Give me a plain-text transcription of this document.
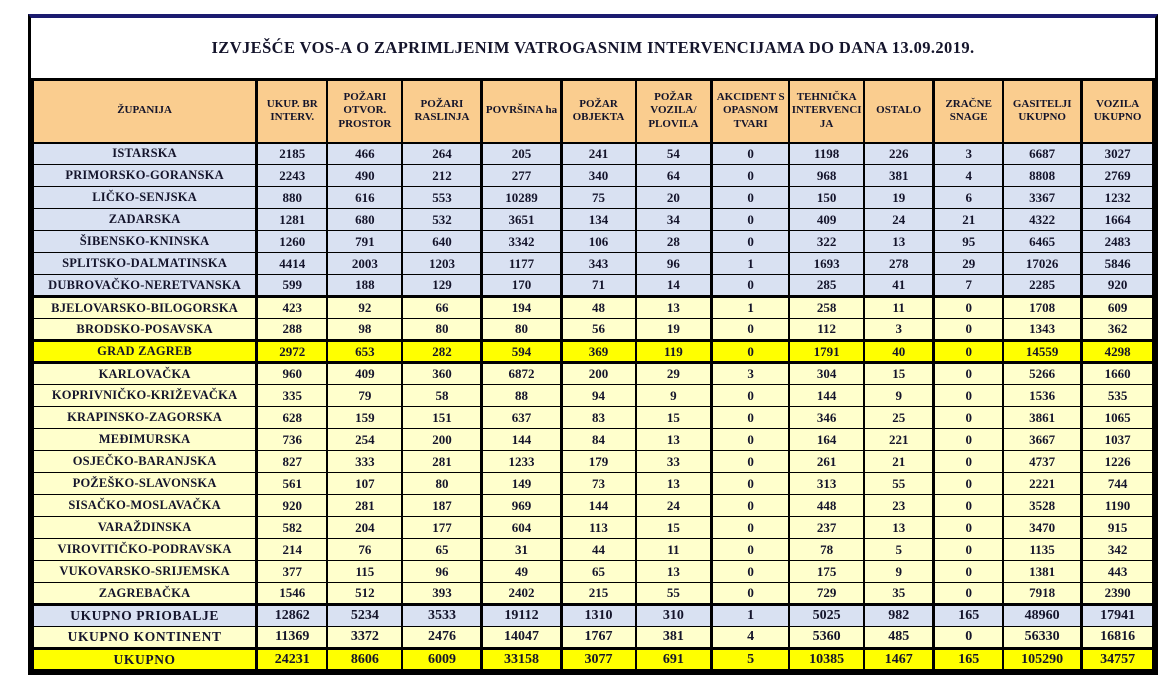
IZVJEŠĆE VOS-A O ZAPRIMLJENIM VATROGASNIM INTERVENCIJAMA DO DANA 13.09.2019.
ŽUPANIJA	UKUP. BR INTERV.	POŽARI OTVOR. PROSTOR	POŽARI RASLINJA	POVRŠINA ha	POŽAR OBJEKTA	POŽAR VOZILA/ PLOVILA	AKCIDENT S OPASNOM TVARI	TEHNIČKA INTERVENCIJA	OSTALO	ZRAČNE SNAGE	GASITELJI UKUPNO	VOZILA UKUPNO
ISTARSKA	2185	466	264	205	241	54	0	1198	226	3	6687	3027
PRIMORSKO-GORANSKA	2243	490	212	277	340	64	0	968	381	4	8808	2769
LIČKO-SENJSKA	880	616	553	10289	75	20	0	150	19	6	3367	1232
ZADARSKA	1281	680	532	3651	134	34	0	409	24	21	4322	1664
ŠIBENSKO-KNINSKA	1260	791	640	3342	106	28	0	322	13	95	6465	2483
SPLITSKO-DALMATINSKA	4414	2003	1203	1177	343	96	1	1693	278	29	17026	5846
DUBROVAČKO-NERETVANSKA	599	188	129	170	71	14	0	285	41	7	2285	920
BJELOVARSKO-BILOGORSKA	423	92	66	194	48	13	1	258	11	0	1708	609
BRODSKO-POSAVSKA	288	98	80	80	56	19	0	112	3	0	1343	362
GRAD ZAGREB	2972	653	282	594	369	119	0	1791	40	0	14559	4298
KARLOVAČKA	960	409	360	6872	200	29	3	304	15	0	5266	1660
KOPRIVNIČKO-KRIŽEVAČKA	335	79	58	88	94	9	0	144	9	0	1536	535
KRAPINSKO-ZAGORSKA	628	159	151	637	83	15	0	346	25	0	3861	1065
MEĐIMURSKA	736	254	200	144	84	13	0	164	221	0	3667	1037
OSJEČKO-BARANJSKA	827	333	281	1233	179	33	0	261	21	0	4737	1226
POŽEŠKO-SLAVONSKA	561	107	80	149	73	13	0	313	55	0	2221	744
SISAČKO-MOSLAVAČKA	920	281	187	969	144	24	0	448	23	0	3528	1190
VARAŽDINSKA	582	204	177	604	113	15	0	237	13	0	3470	915
VIROVITIČKO-PODRAVSKA	214	76	65	31	44	11	0	78	5	0	1135	342
VUKOVARSKO-SRIJEMSKA	377	115	96	49	65	13	0	175	9	0	1381	443
ZAGREBAČKA	1546	512	393	2402	215	55	0	729	35	0	7918	2390
UKUPNO PRIOBALJE	12862	5234	3533	19112	1310	310	1	5025	982	165	48960	17941
UKUPNO KONTINENT	11369	3372	2476	14047	1767	381	4	5360	485	0	56330	16816
UKUPNO	24231	8606	6009	33158	3077	691	5	10385	1467	165	105290	34757
